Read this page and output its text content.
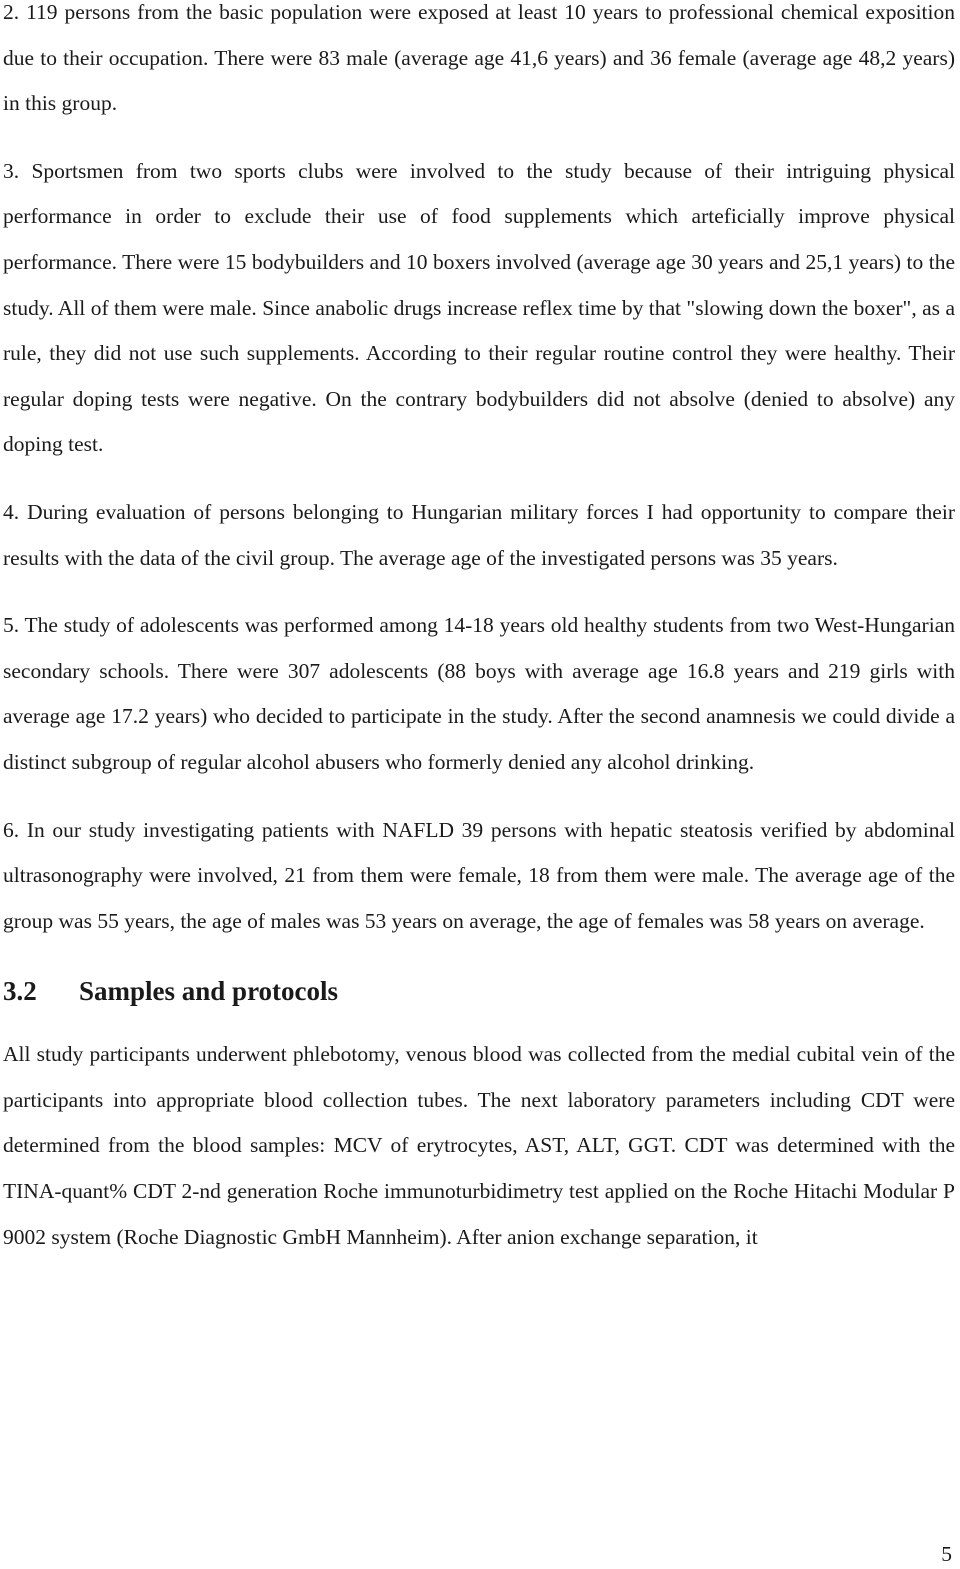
2. 119 persons from the basic population were exposed at least 10 years to professional chemical exposition due to their occupation. There were 83 male (average age 41,6 years) and 36 female (average age 48,2 years) in this group.

3. Sportsmen from two sports clubs were involved to the study because of their intriguing physical performance in order to exclude their use of food supplements which arteficially improve physical performance. There were 15 bodybuilders and 10 boxers involved (average age 30 years and 25,1 years) to the study. All of them were male. Since anabolic drugs increase reflex time by that "slowing down the boxer", as a rule, they did not use such supplements. According to their regular routine control they were healthy. Their regular doping tests were negative. On the contrary bodybuilders did not absolve (denied to absolve) any doping test.

4. During evaluation of persons belonging to Hungarian military forces I had opportunity to compare their results with the data of the civil group. The average age of the investigated persons was 35 years.

5. The study of adolescents was performed among 14-18 years old healthy students from two West-Hungarian secondary schools. There were 307 adolescents (88 boys with average age 16.8 years and 219 girls with average age 17.2 years) who decided to participate in the study. After the second anamnesis we could divide a distinct subgroup of regular alcohol abusers who formerly denied any alcohol drinking.

6. In our study investigating patients with NAFLD 39 persons with hepatic steatosis verified by abdominal ultrasonography were involved, 21 from them were female, 18 from them were male. The average age of the group was 55 years, the age of males was 53 years on average, the age of females was 58 years on average.

3.2	Samples and protocols

All study participants underwent phlebotomy, venous blood was collected from the medial cubital vein of the participants into appropriate blood collection tubes. The next laboratory parameters including CDT were determined from the blood samples: MCV of erytrocytes, AST, ALT, GGT. CDT was determined with the TINA-quant% CDT 2-nd generation Roche immunoturbidimetry test applied on the Roche Hitachi Modular P 9002 system (Roche Diagnostic GmbH Mannheim). After anion exchange separation, it

5
